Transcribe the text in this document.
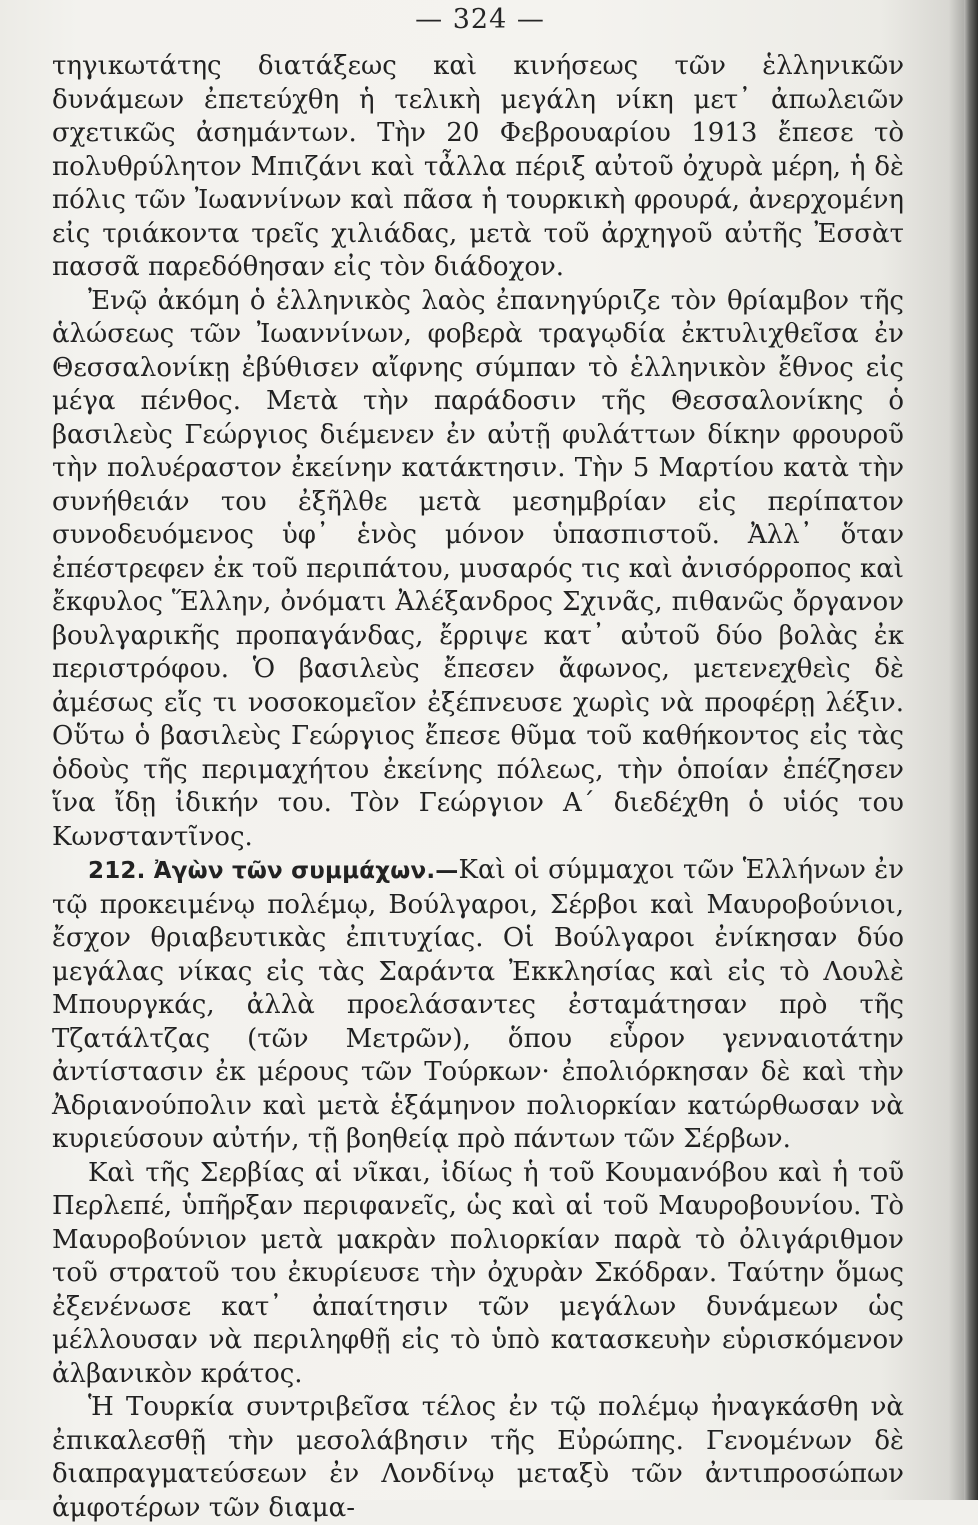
— 324 —

τηγικωτάτης διατάξεως καὶ κινήσεως τῶν ἑλληνικῶν δυνάμεων ἐπετεύχθη ἡ τελικὴ μεγάλη νίκη μετ᾽ ἀπωλειῶν σχετικῶς ἀσημάντων. Τὴν 20 Φεβρουαρίου 1913 ἔπεσε τὸ πολυθρύλητον Μπιζάνι καὶ τἆλλα πέριξ αὐτοῦ ὀχυρὰ μέρη, ἡ δὲ πόλις τῶν Ἰωαννίνων καὶ πᾶσα ἡ τουρκικὴ φρουρά, ἀνερχομένη εἰς τριάκοντα τρεῖς χιλιάδας, μετὰ τοῦ ἀρχηγοῦ αὐτῆς Ἐσσὰτ πασσᾶ παρεδόθησαν εἰς τὸν διάδοχον.

Ἐνῷ ἀκόμη ὁ ἑλληνικὸς λαὸς ἐπανηγύριζε τὸν θρίαμβον τῆς ἁλώσεως τῶν Ἰωαννίνων, φοβερὰ τραγῳδία ἐκτυλιχθεῖσα ἐν Θεσσαλονίκῃ ἐβύθισεν αἴφνης σύμπαν τὸ ἑλληνικὸν ἔθνος εἰς μέγα πένθος. Μετὰ τὴν παράδοσιν τῆς Θεσσαλονίκης ὁ βασιλεὺς Γεώργιος διέμενεν ἐν αὐτῇ φυλάττων δίκην φρουροῦ τὴν πολυέραστον ἐκείνην κατάκτησιν. Τὴν 5 Μαρτίου κατὰ τὴν συνήθειάν του ἐξῆλθε μετὰ μεσημβρίαν εἰς περίπατον συνοδευόμενος ὑφ᾽ ἑνὸς μόνον ὑπασπιστοῦ. Ἀλλ᾽ ὅταν ἐπέστρεφεν ἐκ τοῦ περιπάτου, μυσαρός τις καὶ ἀνισόρροπος καὶ ἔκφυλος Ἕλλην, ὀνόματι Ἀλέξανδρος Σχινᾶς, πιθανῶς ὄργανον βουλγαρικῆς προπαγάνδας, ἔρριψε κατ᾽ αὐτοῦ δύο βολὰς ἐκ περιστρόφου. Ὁ βασιλεὺς ἔπεσεν ἄφωνος, μετενεχθεὶς δὲ ἀμέσως εἴς τι νοσοκομεῖον ἐξέπνευσε χωρὶς νὰ προφέρῃ λέξιν. Οὕτω ὁ βασιλεὺς Γεώργιος ἔπεσε θῦμα τοῦ καθήκοντος εἰς τὰς ὁδοὺς τῆς περιμαχήτου ἐκείνης πόλεως, τὴν ὁποίαν ἐπέζησεν ἵνα ἴδῃ ἰδικήν του. Τὸν Γεώργιον Α΄ διεδέχθη ὁ υἱός του Κωνσταντῖνος.

212. Ἀγὼν τῶν συμμάχων.—Καὶ οἱ σύμμαχοι τῶν Ἑλλήνων ἐν τῷ προκειμένῳ πολέμῳ, Βούλγαροι, Σέρβοι καὶ Μαυροβούνιοι, ἔσχον θριαβευτικὰς ἐπιτυχίας. Οἱ Βούλγαροι ἐνίκησαν δύο μεγάλας νίκας εἰς τὰς Σαράντα Ἐκκλησίας καὶ εἰς τὸ Λουλὲ Μπουργκάς, ἀλλὰ προελάσαντες ἐσταμάτησαν πρὸ τῆς Τζατάλτζας (τῶν Μετρῶν), ὅπου εὗρον γενναιοτάτην ἀντίστασιν ἐκ μέρους τῶν Τούρκων· ἐπολιόρκησαν δὲ καὶ τὴν Ἀδριανούπολιν καὶ μετὰ ἑξάμηνον πολιορκίαν κατώρθωσαν νὰ κυριεύσουν αὐτήν, τῇ βοηθείᾳ πρὸ πάντων τῶν Σέρβων.

Καὶ τῆς Σερβίας αἱ νῖκαι, ἰδίως ἡ τοῦ Κουμανόβου καὶ ἡ τοῦ Περλεπέ, ὑπῆρξαν περιφανεῖς, ὡς καὶ αἱ τοῦ Μαυροβουνίου. Τὸ Μαυροβούνιον μετὰ μακρὰν πολιορκίαν παρὰ τὸ ὀλιγάριθμον τοῦ στρατοῦ του ἐκυρίευσε τὴν ὀχυρὰν Σκόδραν. Ταύτην ὅμως ἐξενένωσε κατ᾽ ἀπαίτησιν τῶν μεγάλων δυνάμεων ὡς μέλλουσαν νὰ περιληφθῇ εἰς τὸ ὑπὸ κατασκευὴν εὑρισκόμενον ἀλβανικὸν κράτος.

Ἡ Τουρκία συντριβεῖσα τέλος ἐν τῷ πολέμῳ ἠναγκάσθη νὰ ἐπικαλεσθῇ τὴν μεσολάβησιν τῆς Εὐρώπης. Γενομένων δὲ διαπραγματεύσεων ἐν Λονδίνῳ μεταξὺ τῶν ἀντιπροσώπων ἀμφοτέρων τῶν διαμα-
